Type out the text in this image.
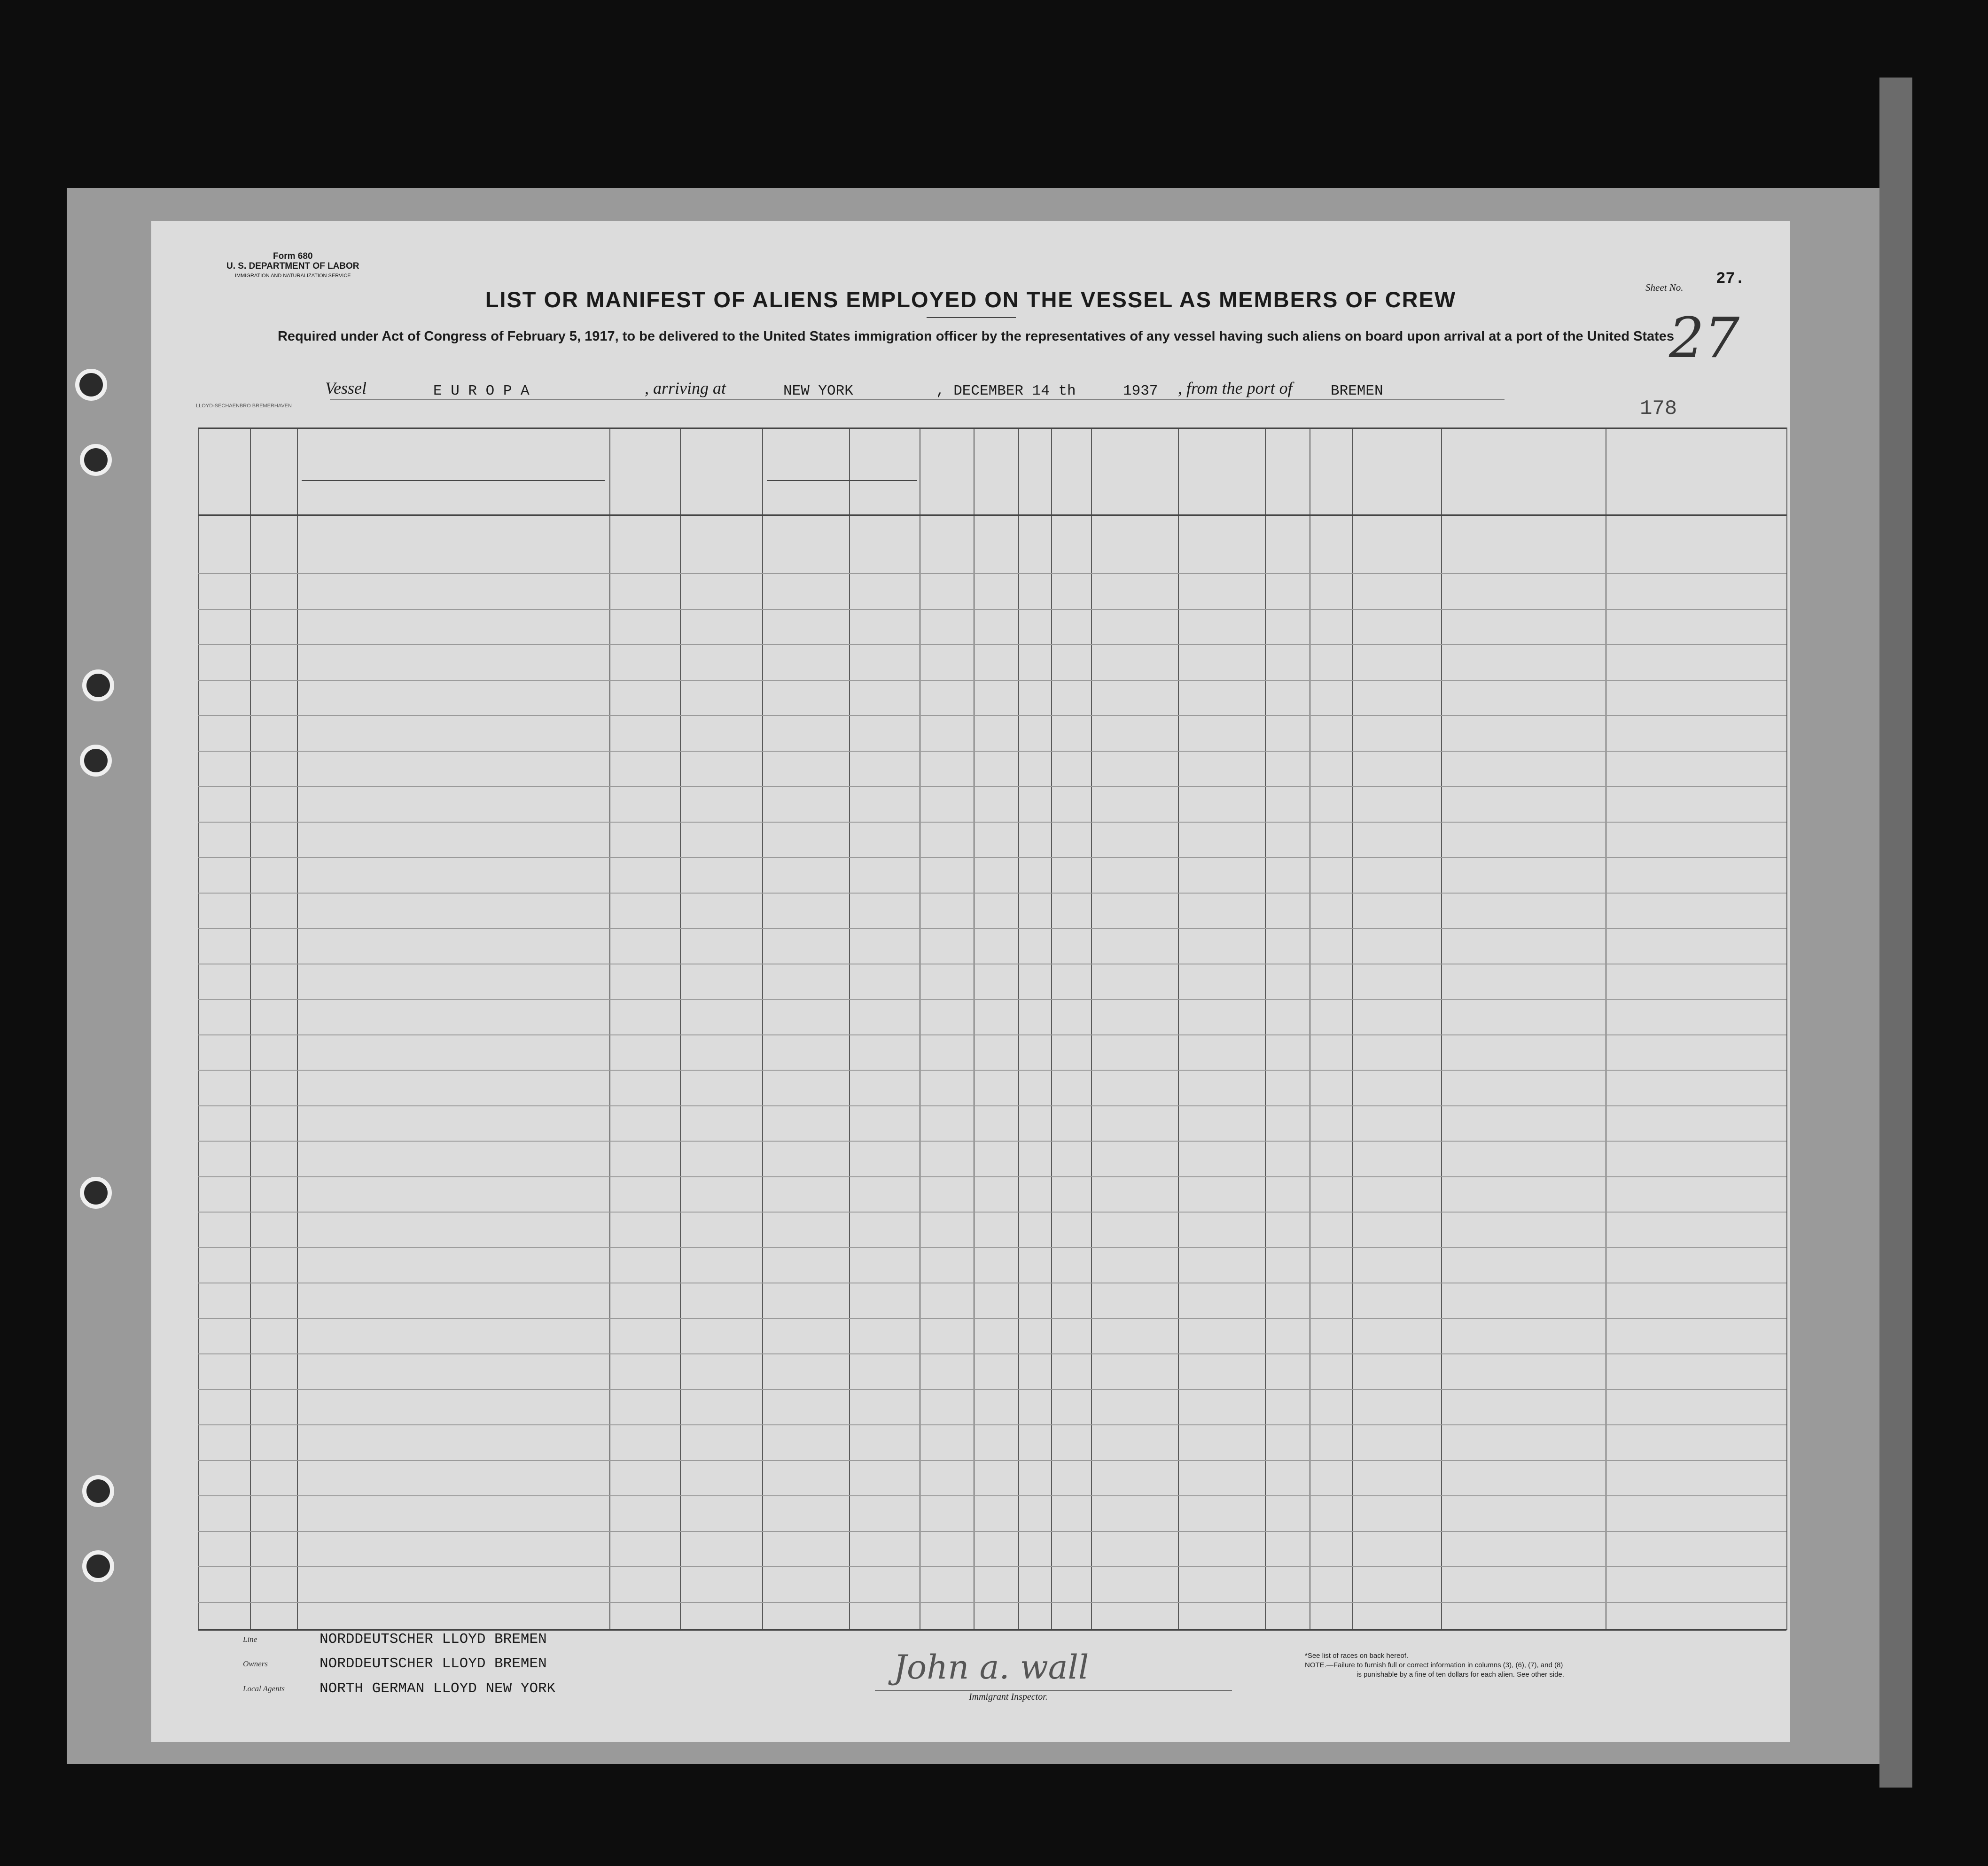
Form 680
U. S. DEPARTMENT OF LABOR
IMMIGRATION AND NATURALIZATION SERVICE
LIST OR MANIFEST OF ALIENS EMPLOYED ON THE VESSEL AS MEMBERS OF CREW
Required under Act of Congress of February 5, 1917, to be delivered to the United States immigration officer by the representatives of any vessel having such aliens on board upon arrival at a port of the United States
Sheet No. 27.
27
Vessel	E U R O P A	, arriving at	NEW YORK	, DECEMBER 14 th	1937 , from the port of	BREMEN
LLOYD-SECHAENBRO BREMERHAVEN	178
Line	NORDDEUTSCHER LLOYD BREMEN
Owners	NORDDEUTSCHER LLOYD BREMEN
Local Agents NORTH GERMAN LLOYD NEW YORK
John a. wall
Immigrant Inspector.
*See list of races on back hereof.
NOTE.—Failure to furnish full or correct information in columns (3), (6), (7), and (8)
is punishable by a fine of ten dollars for each alien. See other side.
